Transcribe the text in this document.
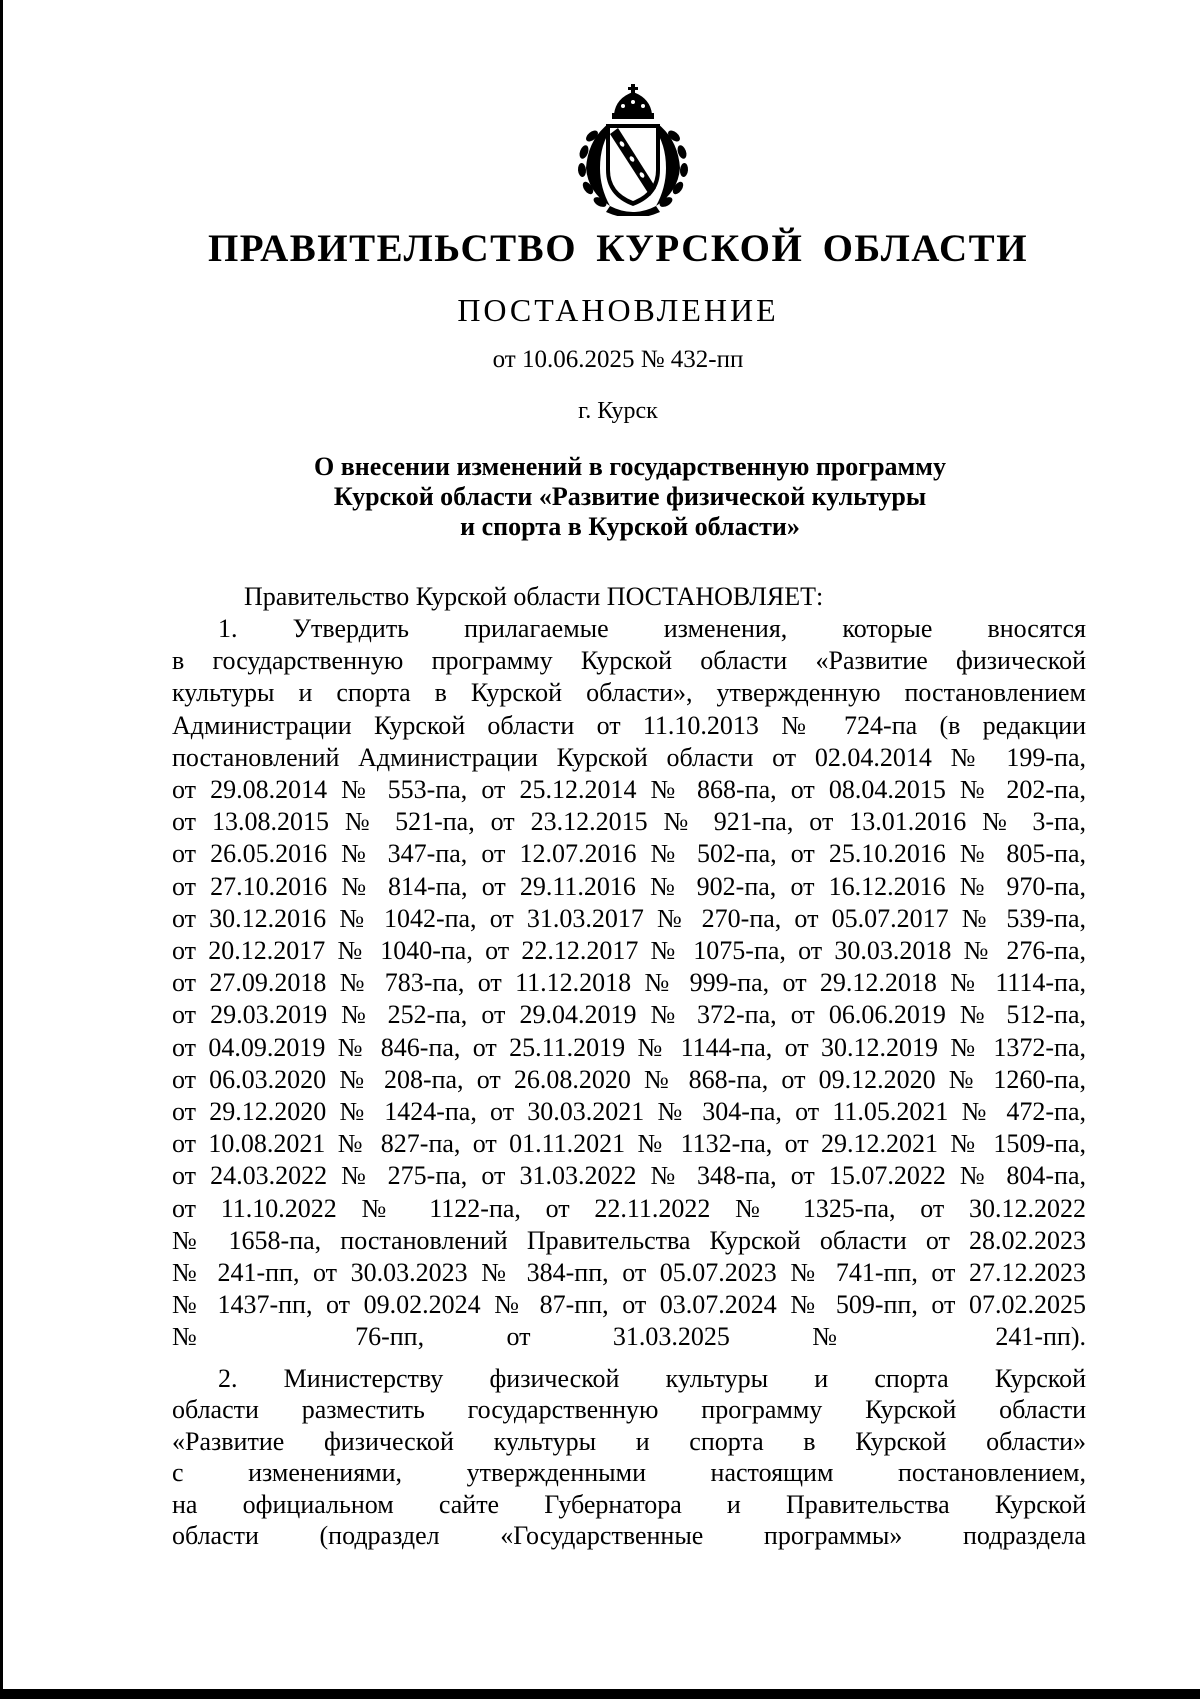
ПРАВИТЕЛЬСТВО КУРСКОЙ ОБЛАСТИ
ПОСТАНОВЛЕНИЕ
от 10.06.2025 № 432-пп
г. Курск
О внесении изменений в государственную программу
Курской области «Развитие физической культуры
и спорта в Курской области»
Правительство Курской области ПОСТАНОВЛЯЕТ:
1. Утвердить прилагаемые изменения, которые вносятся
в государственную программу Курской области «Развитие физической
культуры и спорта в Курской области», утвержденную постановлением
Администрации Курской области от 11.10.2013 № 724-па (в редакции
постановлений Администрации Курской области от 02.04.2014 № 199-па,
от 29.08.2014 № 553-па, от 25.12.2014 № 868-па, от 08.04.2015 № 202-па,
от 13.08.2015 № 521-па, от 23.12.2015 № 921-па, от 13.01.2016 № 3-па,
от 26.05.2016 № 347-па, от 12.07.2016 № 502-па, от 25.10.2016 № 805-па,
от 27.10.2016 № 814-па, от 29.11.2016 № 902-па, от 16.12.2016 № 970-па,
от 30.12.2016 № 1042-па, от 31.03.2017 № 270-па, от 05.07.2017 № 539-па,
от 20.12.2017 № 1040-па, от 22.12.2017 № 1075-па, от 30.03.2018 № 276-па,
от 27.09.2018 № 783-па, от 11.12.2018 № 999-па, от 29.12.2018 № 1114-па,
от 29.03.2019 № 252-па, от 29.04.2019 № 372-па, от 06.06.2019 № 512-па,
от 04.09.2019 № 846-па, от 25.11.2019 № 1144-па, от 30.12.2019 № 1372-па,
от 06.03.2020 № 208-па, от 26.08.2020 № 868-па, от 09.12.2020 № 1260-па,
от 29.12.2020 № 1424-па, от 30.03.2021 № 304-па, от 11.05.2021 № 472-па,
от 10.08.2021 № 827-па, от 01.11.2021 № 1132-па, от 29.12.2021 № 1509-па,
от 24.03.2022 № 275-па, от 31.03.2022 № 348-па, от 15.07.2022 № 804-па,
от 11.10.2022 № 1122-па, от 22.11.2022 № 1325-па, от 30.12.2022
№ 1658-па, постановлений Правительства Курской области от 28.02.2023
№ 241-пп, от 30.03.2023 № 384-пп, от 05.07.2023 № 741-пп, от 27.12.2023
№ 1437-пп, от 09.02.2024 № 87-пп, от 03.07.2024 № 509-пп, от 07.02.2025
№ 76-пп, от 31.03.2025 № 241-пп).
2. Министерству физической культуры и спорта Курской
области разместить государственную программу Курской области
«Развитие физической культуры и спорта в Курской области»
с изменениями, утвержденными настоящим постановлением,
на официальном сайте Губернатора и Правительства Курской
области (подраздел «Государственные программы» подраздела
